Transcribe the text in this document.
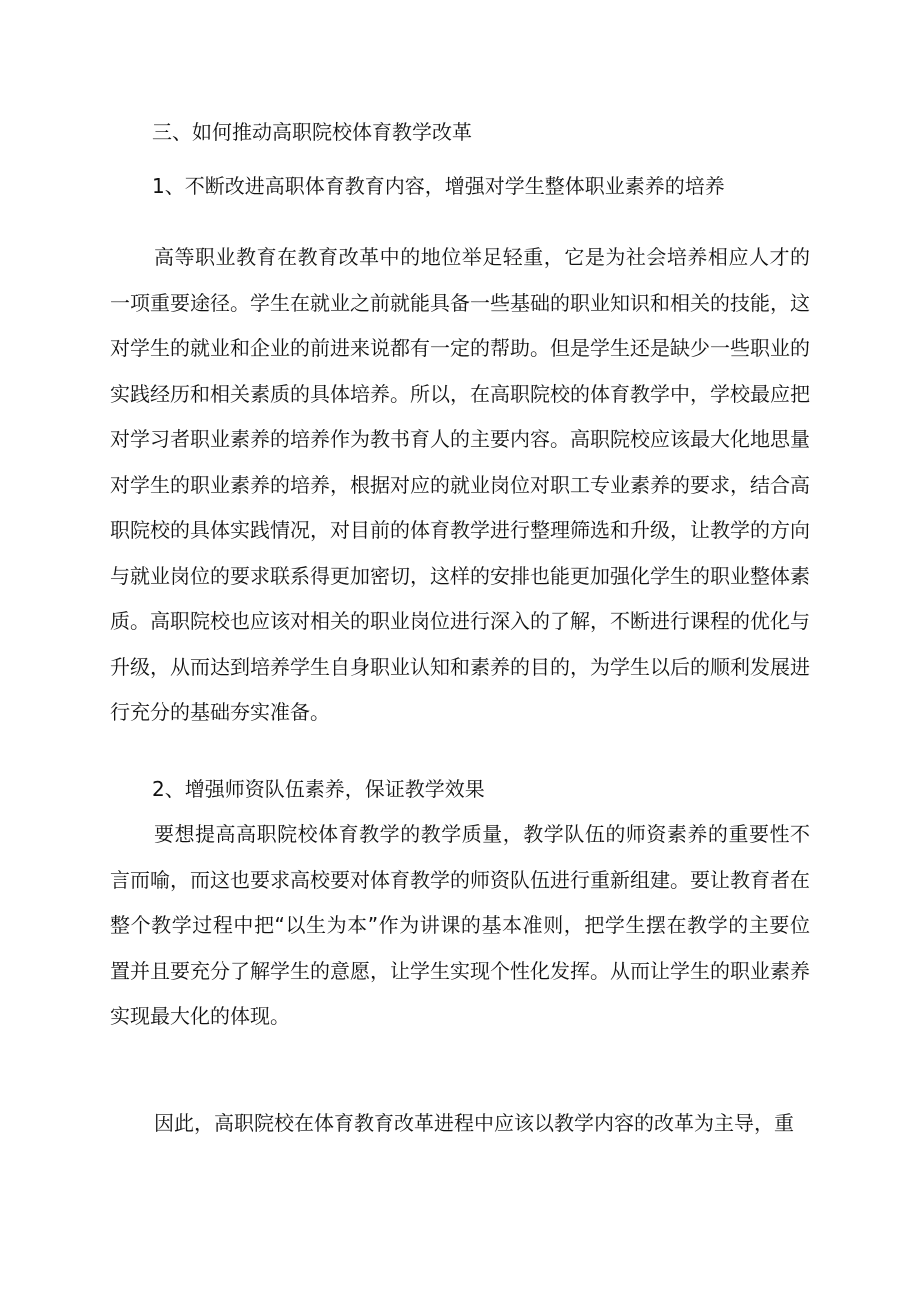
三、如何推动高职院校体育教学改革
1、不断改进高职体育教育内容，增强对学生整体职业素养的培养

高等职业教育在教育改革中的地位举足轻重，它是为社会培养相应人才的一项重要途径。学生在就业之前就能具备一些基础的职业知识和相关的技能，这对学生的就业和企业的前进来说都有一定的帮助。但是学生还是缺少一些职业的实践经历和相关素质的具体培养。所以，在高职院校的体育教学中，学校最应把对学习者职业素养的培养作为教书育人的主要内容。高职院校应该最大化地思量对学生的职业素养的培养，根据对应的就业岗位对职工专业素养的要求，结合高职院校的具体实践情况，对目前的体育教学进行整理筛选和升级，让教学的方向与就业岗位的要求联系得更加密切，这样的安排也能更加强化学生的职业整体素质。高职院校也应该对相关的职业岗位进行深入的了解，不断进行课程的优化与升级，从而达到培养学生自身职业认知和素养的目的，为学生以后的顺利发展进行充分的基础夯实准备。

2、增强师资队伍素养，保证教学效果

要想提高高职院校体育教学的教学质量，教学队伍的师资素养的重要性不言而喻，而这也要求高校要对体育教学的师资队伍进行重新组建。要让教育者在整个教学过程中把“以生为本”作为讲课的基本准则，把学生摆在教学的主要位置并且要充分了解学生的意愿，让学生实现个性化发挥。从而让学生的职业素养实现最大化的体现。

因此，高职院校在体育教育改革进程中应该以教学内容的改革为主导，重
